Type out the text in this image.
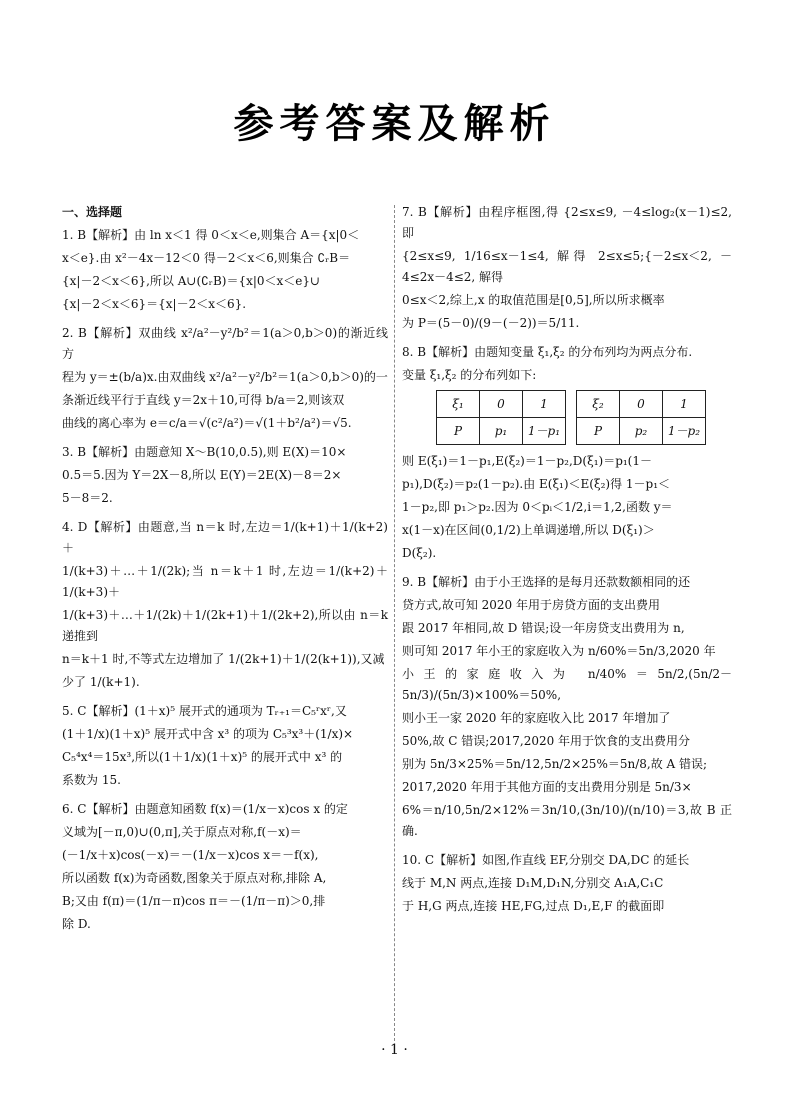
参考答案及解析
一、选择题

1. B【解析】由 ln x＜1 得 0＜x＜e,则集合 A＝{x|0＜

x＜e}.由 x²－4x－12＜0 得－2＜x＜6,则集合 ∁ᵣB＝

{x|－2＜x＜6},所以 A∪(∁ᵣB)＝{x|0＜x＜e}∪

{x|－2＜x＜6}＝{x|－2＜x＜6}.

2. B【解析】双曲线 x²/a²－y²/b²＝1(a＞0,b＞0)的渐近线方

程为 y＝±(b/a)x.由双曲线 x²/a²－y²/b²＝1(a＞0,b＞0)的一

条渐近线平行于直线 y＝2x＋10,可得 b/a＝2,则该双

曲线的离心率为 e＝c/a＝√(c²/a²)＝√(1＋b²/a²)＝√5.

3. B【解析】由题意知 X～B(10,0.5),则 E(X)＝10×

0.5＝5.因为 Y＝2X－8,所以 E(Y)＝2E(X)－8＝2×

5－8＝2.

4. D【解析】由题意,当 n＝k 时,左边＝1/(k+1)＋1/(k+2)＋

1/(k+3)＋…＋1/(2k);当 n＝k＋1 时,左边＝1/(k+2)＋1/(k+3)＋

1/(k+3)＋…＋1/(2k)＋1/(2k+1)＋1/(2k+2),所以由 n＝k 递推到

n＝k＋1 时,不等式左边增加了 1/(2k+1)＋1/(2(k+1)),又减

少了 1/(k+1).

5. C【解析】(1＋x)⁵ 展开式的通项为 Tᵣ₊₁＝C₅ʳxʳ,又

(1＋1/x)(1＋x)⁵ 展开式中含 x³ 的项为 C₅³x³＋(1/x)×

C₅⁴x⁴＝15x³,所以(1＋1/x)(1＋x)⁵ 的展开式中 x³ 的

系数为 15.

6. C【解析】由题意知函数 f(x)＝(1/x－x)cos x 的定

义域为[－π,0)∪(0,π],关于原点对称,f(－x)＝

(－1/x＋x)cos(－x)＝－(1/x－x)cos x＝－f(x),

所以函数 f(x)为奇函数,图象关于原点对称,排除 A,

B;又由 f(π)＝(1/π－π)cos π＝－(1/π－π)＞0,排

除 D.

7. B【解析】由程序框图,得 {2≤x≤9, －4≤log₂(x－1)≤2, 即

{2≤x≤9, 1/16≤x－1≤4, 解得 2≤x≤5;{－2≤x＜2, －4≤2x－4≤2, 解得

0≤x＜2,综上,x 的取值范围是[0,5],所以所求概率

为 P＝(5－0)/(9－(－2))＝5/11.

8. B【解析】由题知变量 ξ₁,ξ₂ 的分布列均为两点分布.

变量 ξ₁,ξ₂ 的分布列如下:

ξ₁	0	1
P	p₁	1－p₁
ξ₂	0	1
P	p₂	1－p₂

则 E(ξ₁)＝1－p₁,E(ξ₂)＝1－p₂,D(ξ₁)＝p₁(1－

p₁),D(ξ₂)＝p₂(1－p₂).由 E(ξ₁)＜E(ξ₂)得 1－p₁＜

1－p₂,即 p₁＞p₂.因为 0＜pᵢ＜1/2,i＝1,2,函数 y＝

x(1－x)在区间(0,1/2)上单调递增,所以 D(ξ₁)＞

D(ξ₂).

9. B【解析】由于小王选择的是每月还款数额相同的还

贷方式,故可知 2020 年用于房贷方面的支出费用

跟 2017 年相同,故 D 错误;设一年房贷支出费用为 n,

则可知 2017 年小王的家庭收入为 n/60%＝5n/3,2020 年

小王的家庭收入为 n/40%＝5n/2,(5n/2－5n/3)/(5n/3)×100%＝50%,

则小王一家 2020 年的家庭收入比 2017 年增加了

50%,故 C 错误;2017,2020 年用于饮食的支出费用分

别为 5n/3×25%＝5n/12,5n/2×25%＝5n/8,故 A 错误;

2017,2020 年用于其他方面的支出费用分别是 5n/3×

6%＝n/10,5n/2×12%＝3n/10,(3n/10)/(n/10)＝3,故 B 正确.

10. C【解析】如图,作直线 EF,分别交 DA,DC 的延长

线于 M,N 两点,连接 D₁M,D₁N,分别交 A₁A,C₁C

于 H,G 两点,连接 HE,FG,过点 D₁,E,F 的截面即

· 1 ·
